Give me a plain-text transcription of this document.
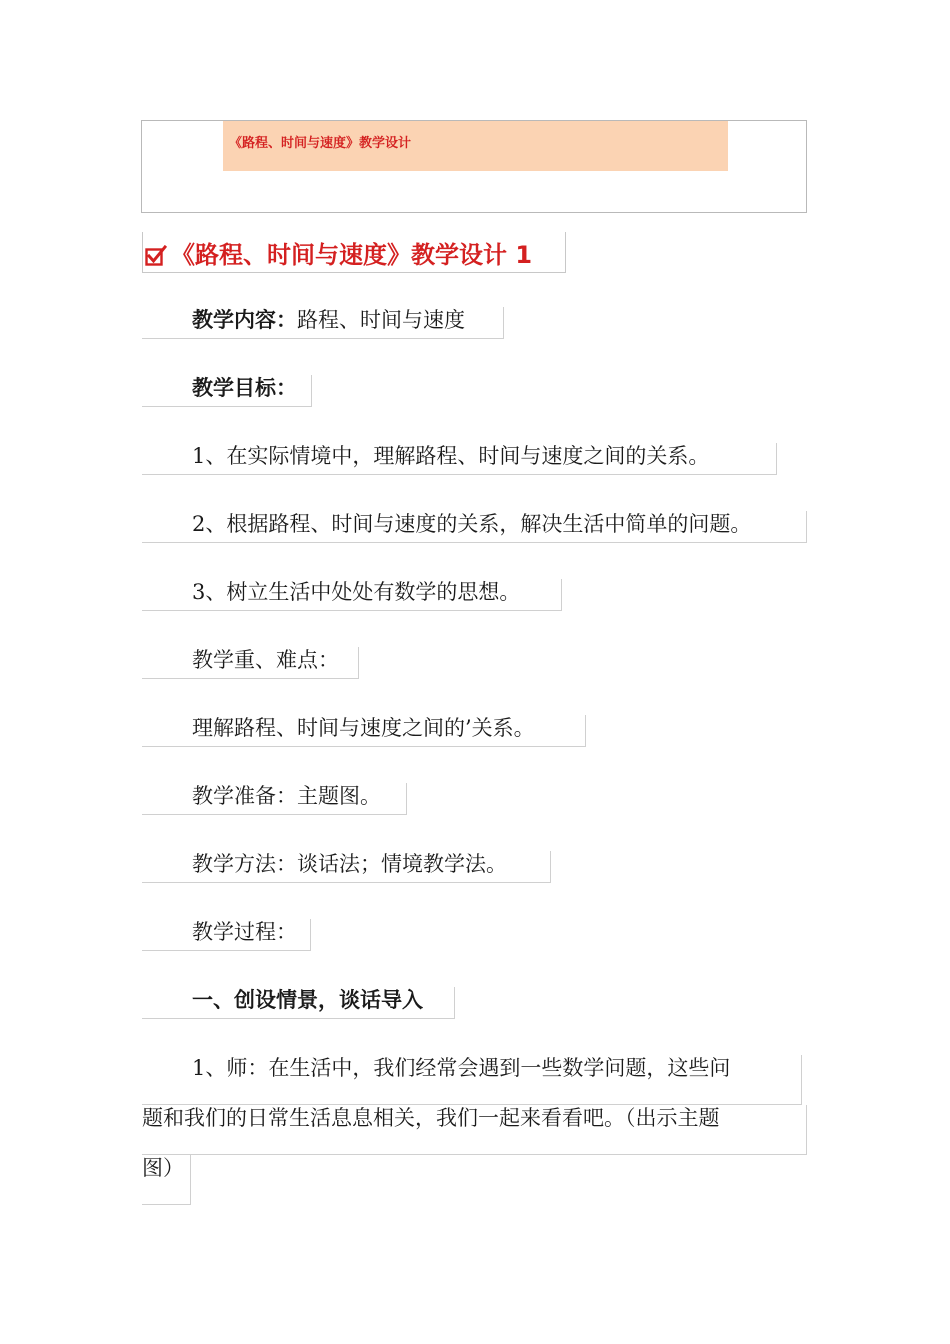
《路程、时间与速度》教学设计
《路程、时间与速度》教学设计 1
教学内容：路程、时间与速度
教学目标：
1、在实际情境中，理解路程、时间与速度之间的关系。
2、根据路程、时间与速度的关系，解决生活中简单的问题。
3、树立生活中处处有数学的思想。
教学重、难点：
理解路程、时间与速度之间的’关系。
教学准备：主题图。
教学方法：谈话法；情境教学法。
教学过程：
一、创设情景，谈话导入
1、师：在生活中，我们经常会遇到一些数学问题，这些问
题和我们的日常生活息息相关，我们一起来看看吧。（出示主题
图）
